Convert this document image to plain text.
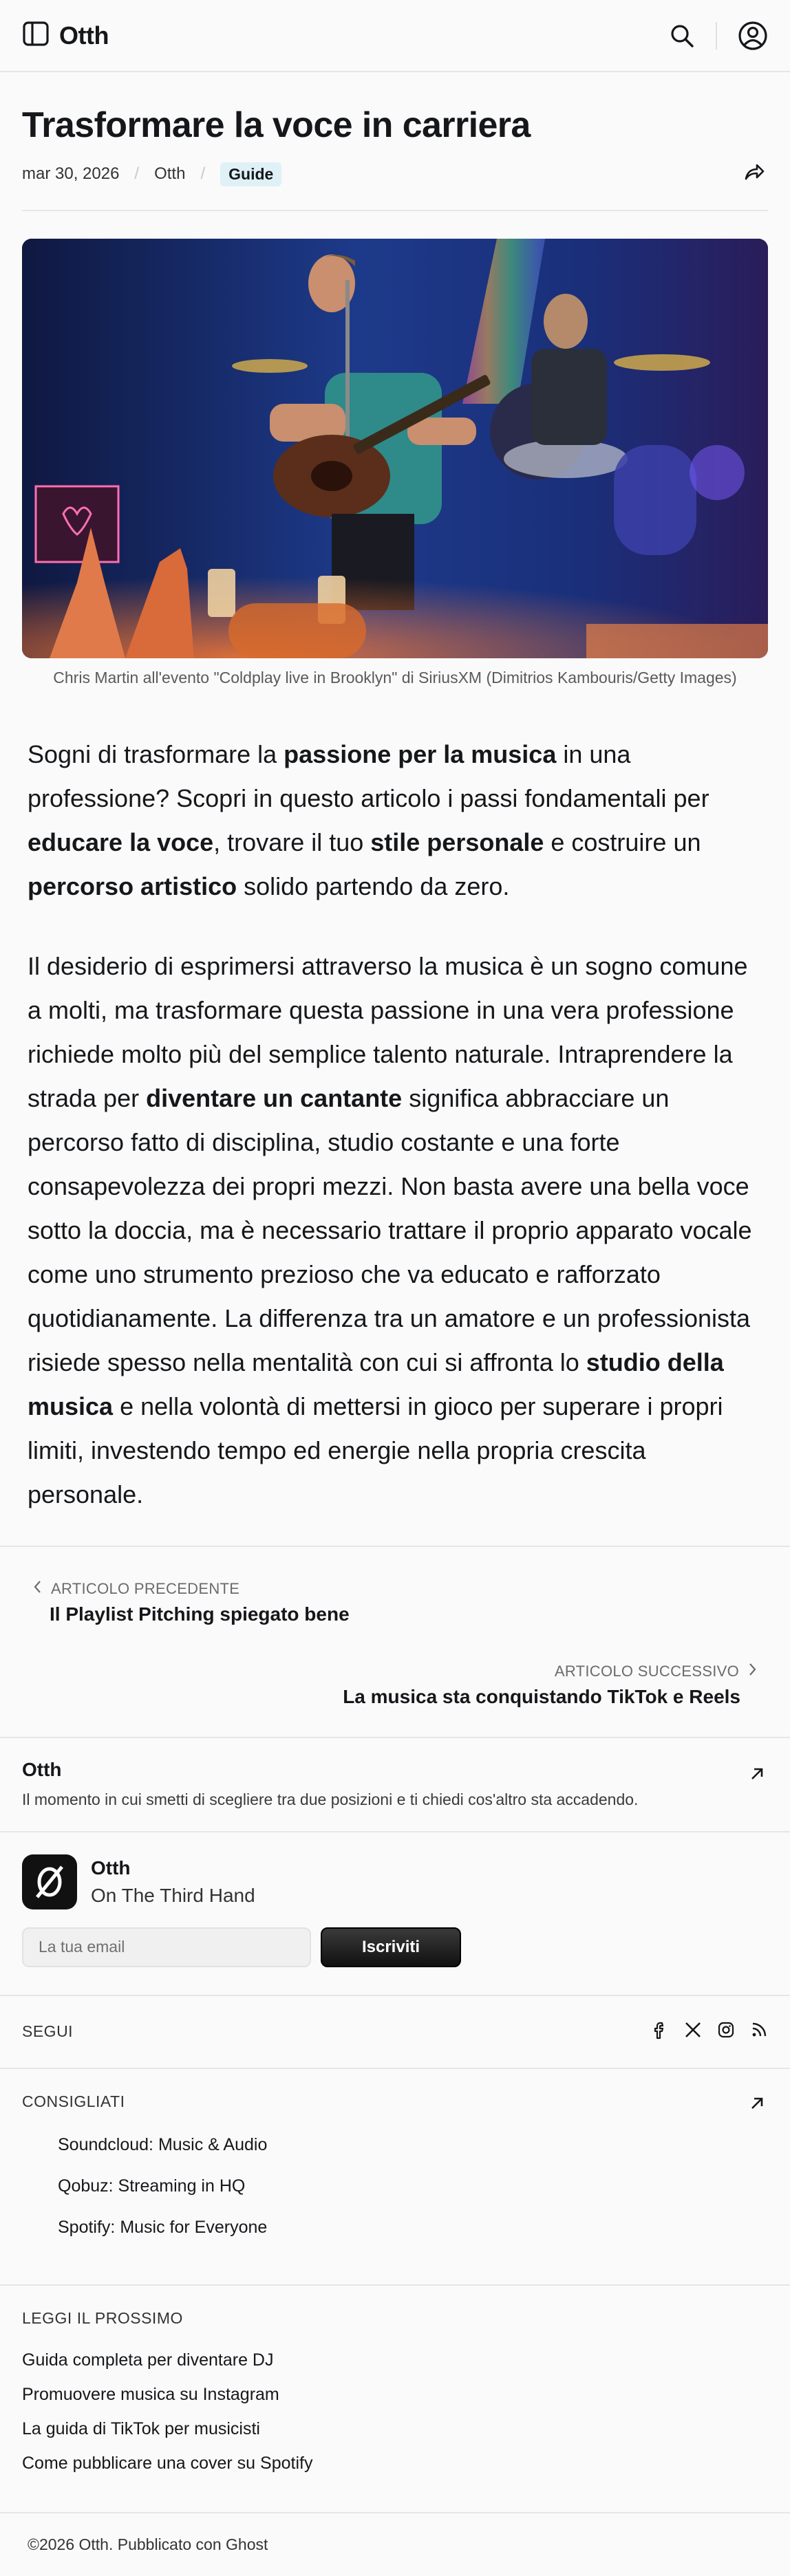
Otth
Trasformare la voce in carriera
mar 30, 2026 / Otth /	Guide
Chris Martin all'evento "Coldplay live in Brooklyn" di SiriusXM (Dimitrios Kambouris/Getty Images)

Sogni di trasformare la passione per la musica in una professione? Scopri in questo articolo i passi fondamentali per educare la voce, trovare il tuo stile personale e costruire un percorso artistico solido partendo da zero.

Il desiderio di esprimersi attraverso la musica è un sogno comune a molti, ma trasformare questa passione in una vera professione richiede molto più del semplice talento naturale. Intraprendere la strada per diventare un cantante significa abbracciare un percorso fatto di disciplina, studio costante e una forte consapevolezza dei propri mezzi. Non basta avere una bella voce sotto la doccia, ma è necessario trattare il proprio apparato vocale come uno strumento prezioso che va educato e rafforzato quotidianamente. La differenza tra un amatore e un professionista risiede spesso nella mentalità con cui si affronta lo studio della musica e nella volontà di mettersi in gioco per superare i propri limiti, investendo tempo ed energie nella propria crescita personale.

ARTICOLO PRECEDENTE
Il Playlist Pitching spiegato bene
ARTICOLO SUCCESSIVO
La musica sta conquistando TikTok e Reels
Otth
Il momento in cui smetti di scegliere tra due posizioni e ti chiedi cos'altro sta accadendo.
Otth
On The Third Hand
La tua email
Iscriviti
SEGUI
CONSIGLIATI
Soundcloud: Music & Audio
Qobuz: Streaming in HQ
Spotify: Music for Everyone
LEGGI IL PROSSIMO
Guida completa per diventare DJ
Promuovere musica su Instagram
La guida di TikTok per musicisti
Come pubblicare una cover su Spotify
©2026 Otth. Pubblicato con Ghost
